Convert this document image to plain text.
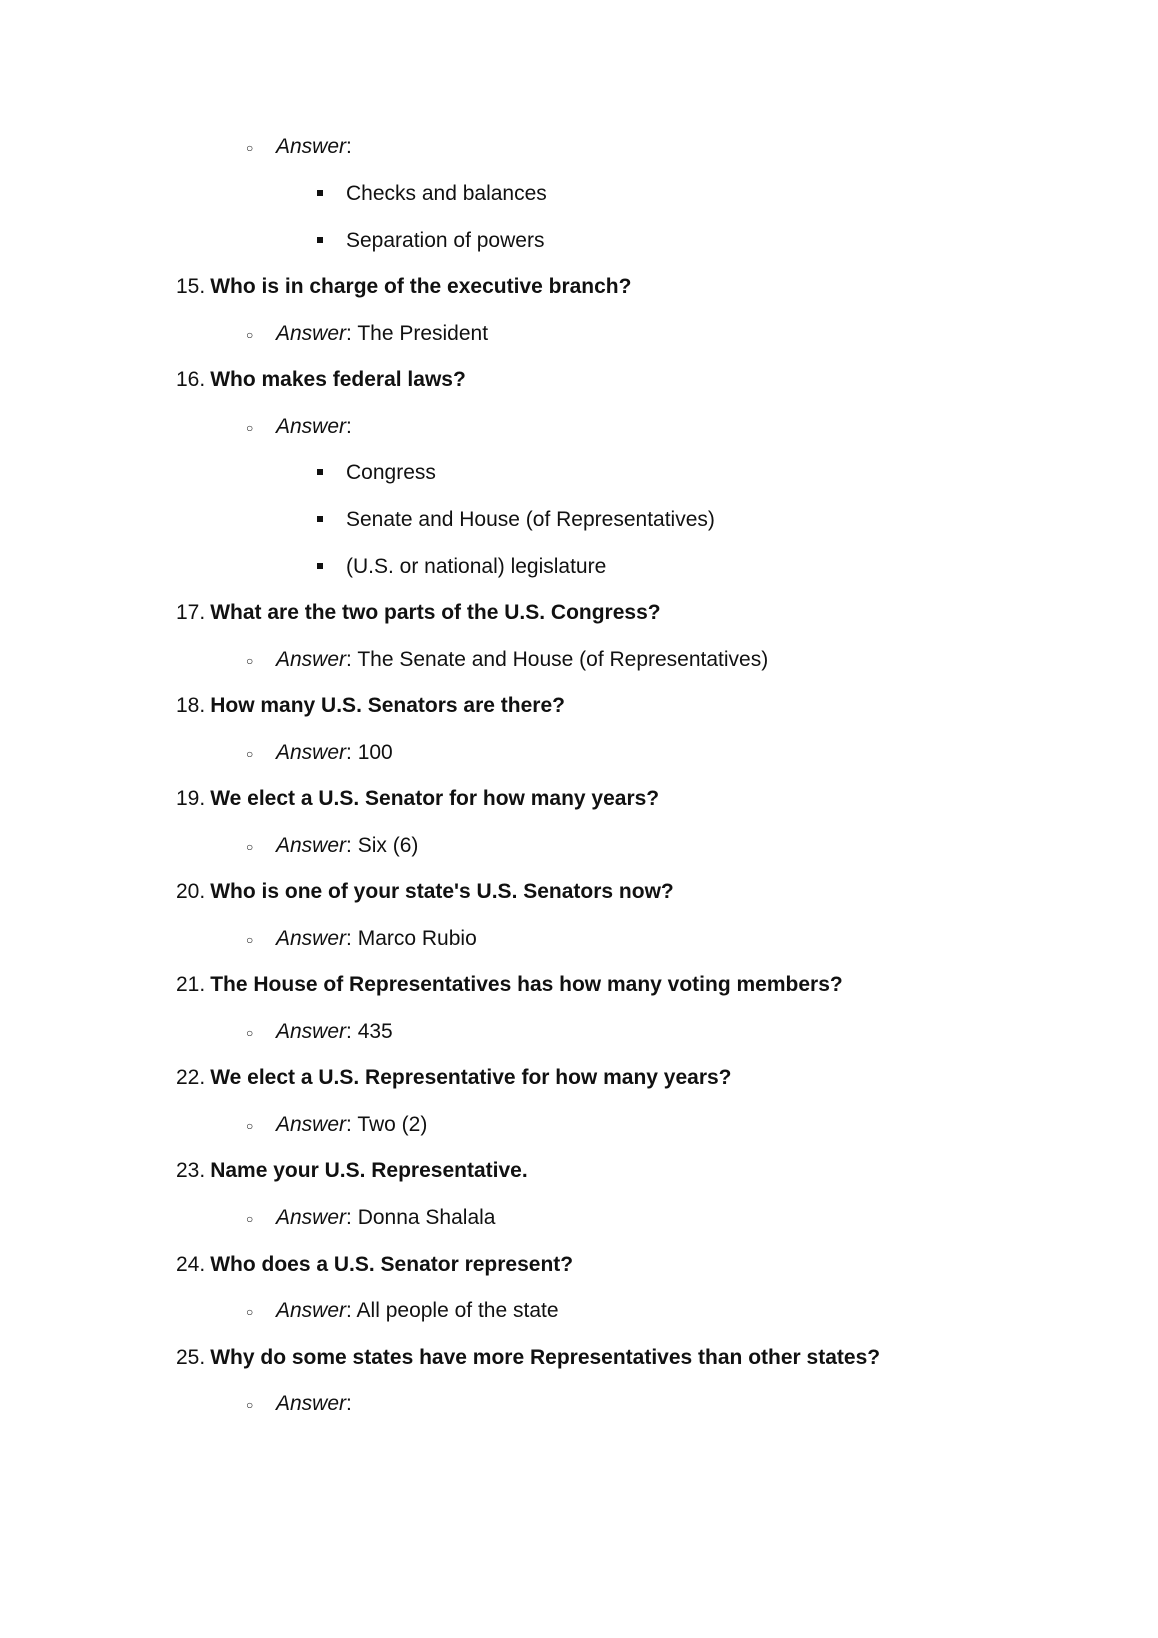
○ Answer:
Checks and balances
Separation of powers
15. Who is in charge of the executive branch?
○ Answer: The President
16. Who makes federal laws?
○ Answer:
Congress
Senate and House (of Representatives)
(U.S. or national) legislature
17. What are the two parts of the U.S. Congress?
○ Answer: The Senate and House (of Representatives)
18. How many U.S. Senators are there?
○ Answer: 100
19. We elect a U.S. Senator for how many years?
○ Answer: Six (6)
20. Who is one of your state's U.S. Senators now?
○ Answer: Marco Rubio
21. The House of Representatives has how many voting members?
○ Answer: 435
22. We elect a U.S. Representative for how many years?
○ Answer: Two (2)
23. Name your U.S. Representative.
○ Answer: Donna Shalala
24. Who does a U.S. Senator represent?
○ Answer: All people of the state
25. Why do some states have more Representatives than other states?
○ Answer:
